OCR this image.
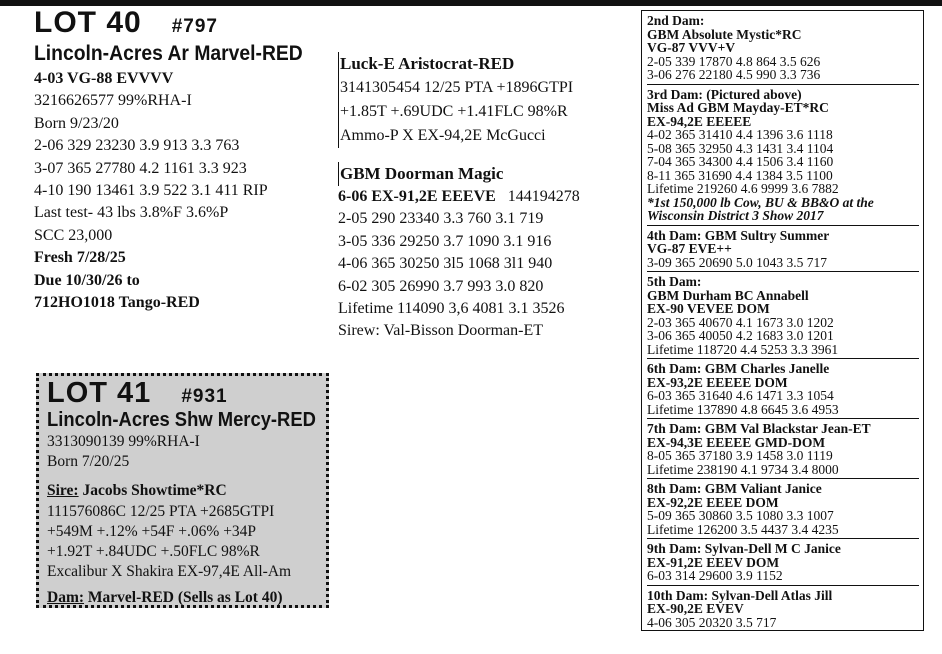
LOT 40 #797
Lincoln-Acres Ar Marvel-RED
4-03 VG-88 EVVVV
3216626577 99%RHA-I
Born 9/23/20
2-06 329 23230 3.9 913 3.3 763
3-07 365 27780 4.2 1161 3.3 923
4-10 190 13461 3.9 522 3.1 411 RIP
Last test- 43 lbs 3.8%F 3.6%P
SCC 23,000
Fresh 7/28/25
Due 10/30/26 to
712HO1018 Tango-RED
Luck-E Aristocrat-RED
3141305454 12/25 PTA +1896GTPI
+1.85T +.69UDC +1.41FLC 98%R
Ammo-P X EX-94,2E McGucci
GBM Doorman Magic
6-06 EX-91,2E EEEVE 144194278
2-05 290 23340 3.3 760 3.1 719
3-05 336 29250 3.7 1090 3.1 916
4-06 365 30250 3l5 1068 3l1 940
6-02 305 26990 3.7 993 3.0 820
Lifetime 114090 3,6 4081 3.1 3526
Sirew: Val-Bisson Doorman-ET
LOT 41 #931
Lincoln-Acres Shw Mercy-RED
3313090139 99%RHA-I
Born 7/20/25
Sire: Jacobs Showtime*RC
111576086C 12/25 PTA +2685GTPI
+549M +.12% +54F +.06% +34P
+1.92T +.84UDC +.50FLC 98%R
Excalibur X Shakira EX-97,4E All-Am
Dam: Marvel-RED (Sells as Lot 40)
2nd Dam:
GBM Absolute Mystic*RC
VG-87 VVV+V
2-05 339 17870 4.8 864 3.5 626
3-06 276 22180 4.5 990 3.3 736
3rd Dam: (Pictured above)
Miss Ad GBM Mayday-ET*RC
EX-94,2E EEEEE
4-02 365 31410 4.4 1396 3.6 1118
5-08 365 32950 4.3 1431 3.4 1104
7-04 365 34300 4.4 1506 3.4 1160
8-11 365 31690 4.4 1384 3.5 1100
Lifetime 219260 4.6 9999 3.6 7882
*1st 150,000 lb Cow, BU & BB&O at the
Wisconsin District 3 Show 2017
4th Dam: GBM Sultry Summer
VG-87 EVE++
3-09 365 20690 5.0 1043 3.5 717
5th Dam:
GBM Durham BC Annabell
EX-90 VEVEE DOM
2-03 365 40670 4.1 1673 3.0 1202
3-06 365 40050 4.2 1683 3.0 1201
Lifetime 118720 4.4 5253 3.3 3961
6th Dam: GBM Charles Janelle
EX-93,2E EEEEE DOM
6-03 365 31640 4.6 1471 3.3 1054
Lifetime 137890 4.8 6645 3.6 4953
7th Dam: GBM Val Blackstar Jean-ET
EX-94,3E EEEEE GMD-DOM
8-05 365 37180 3.9 1458 3.0 1119
Lifetime 238190 4.1 9734 3.4 8000
8th Dam: GBM Valiant Janice
EX-92,2E EEEE DOM
5-09 365 30860 3.5 1080 3.3 1007
Lifetime 126200 3.5 4437 3.4 4235
9th Dam: Sylvan-Dell M C Janice
EX-91,2E EEEV DOM
6-03 314 29600 3.9 1152
10th Dam: Sylvan-Dell Atlas Jill
EX-90,2E EVEV
4-06 305 20320 3.5 717
